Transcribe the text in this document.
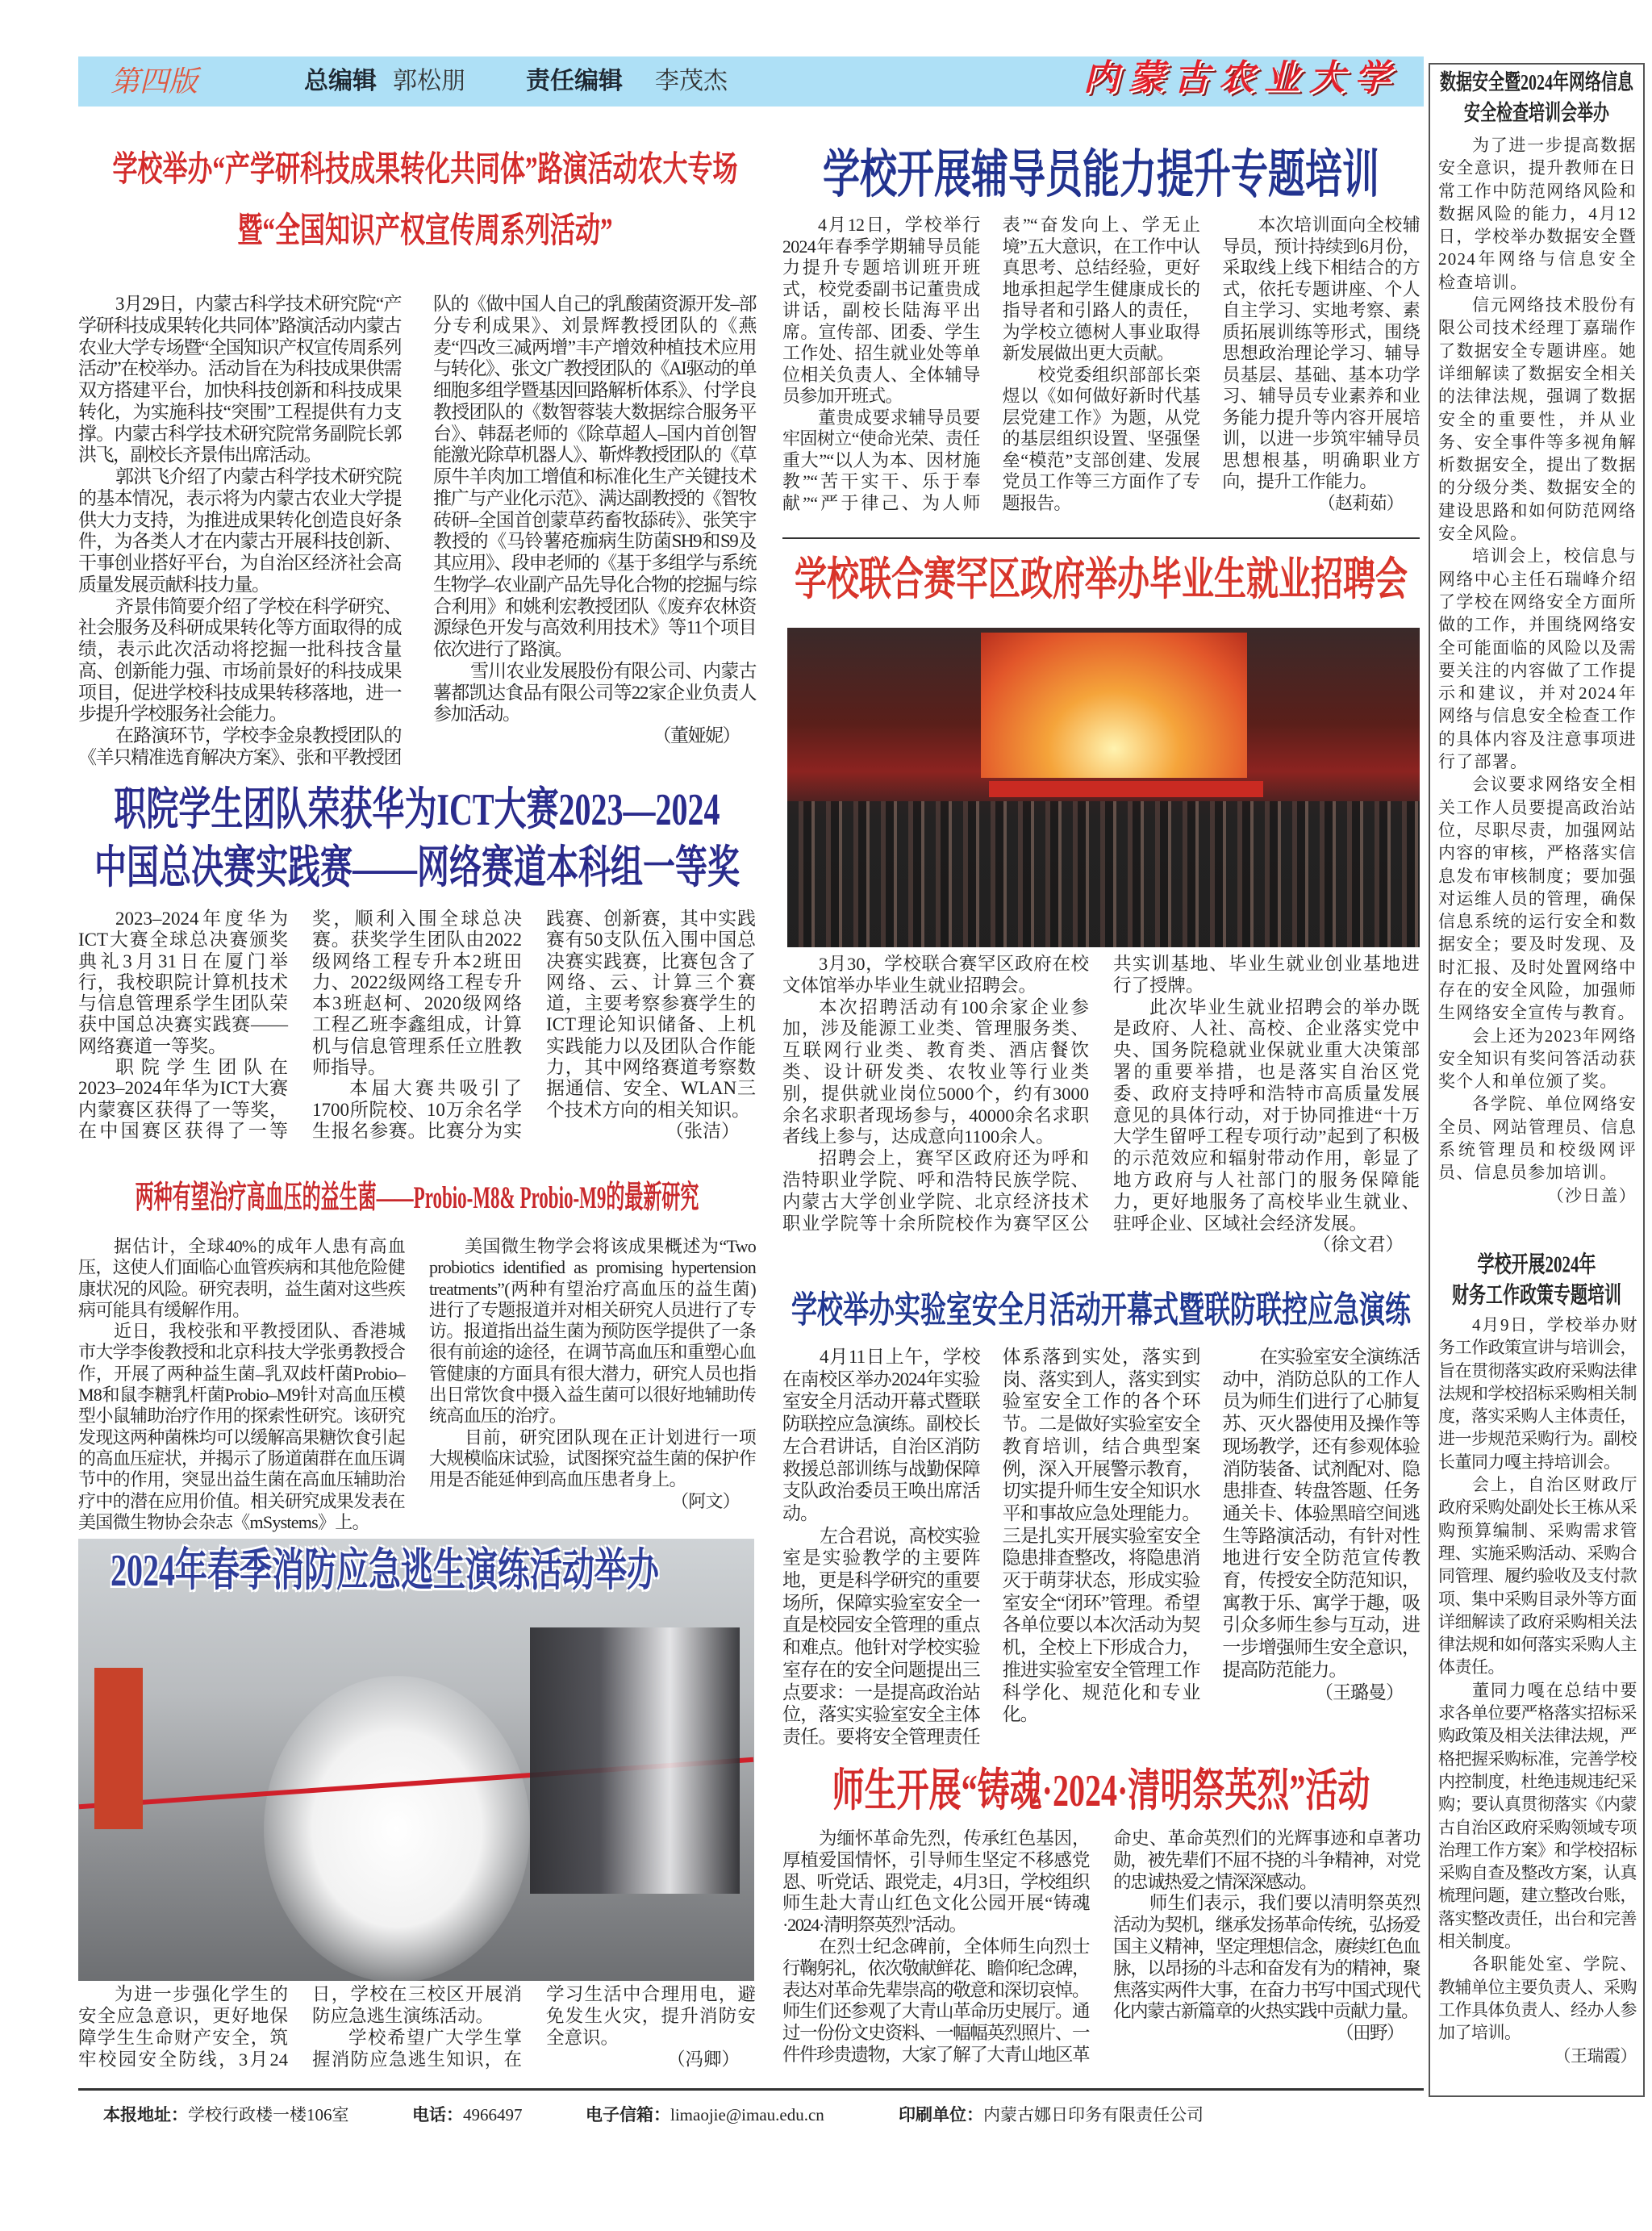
第四版	总编辑 郭松朋	责任编辑 李茂杰	内蒙古农业大学
学校举办“产学研科技成果转化共同体”路演活动农大专场
暨“全国知识产权宣传周系列活动”

3月29日，内蒙古科学技术研究院“产学研科技成果转化共同体”路演活动内蒙古农业大学专场暨“全国知识产权宣传周系列活动”在校举办。活动旨在为科技成果供需双方搭建平台，加快科技创新和科技成果转化，为实施科技“突围”工程提供有力支撑。内蒙古科学技术研究院常务副院长郭洪飞，副校长齐景伟出席活动。

郭洪飞介绍了内蒙古科学技术研究院的基本情况，表示将为内蒙古农业大学提供大力支持，为推进成果转化创造良好条件，为各类人才在内蒙古开展科技创新、干事创业搭好平台，为自治区经济社会高质量发展贡献科技力量。

齐景伟简要介绍了学校在科学研究、社会服务及科研成果转化等方面取得的成绩，表示此次活动将挖掘一批科技含量高、创新能力强、市场前景好的科技成果项目，促进学校科技成果转移落地，进一步提升学校服务社会能力。

在路演环节，学校李金泉教授团队的《羊只精准选育解决方案》、张和平教授团队的《做中国人自己的乳酸菌资源开发–部分专利成果》、刘景辉教授团队的《燕麦“四改三减两增”丰产增效种植技术应用与转化》、张文广教授团队的《AI驱动的单细胞多组学暨基因回路解析体系》、付学良教授团队的《数智蓉装大数据综合服务平台》、韩磊老师的《除草超人–国内首创智能激光除草机器人》、靳烨教授团队的《草原牛羊肉加工增值和标准化生产关键技术推广与产业化示范》、满达副教授的《智牧砖研–全国首创蒙草药畜牧舔砖》、张笑宇教授的《马铃薯疮痂病生防菌SH9和S9及其应用》、段申老师的《基于多组学与系统生物学–农业副产品先导化合物的挖掘与综合利用》和姚利宏教授团队《废弃农林资源绿色开发与高效利用技术》等11个项目依次进行了路演。

雪川农业发展股份有限公司、内蒙古薯都凯达食品有限公司等22家企业负责人参加活动。

（董娅妮）

学校开展辅导员能力提升专题培训

4月12日，学校举行2024年春季学期辅导员能力提升专题培训班开班式，校党委副书记董贵成讲话，副校长陆海平出席。宣传部、团委、学生工作处、招生就业处等单位相关负责人、全体辅导员参加开班式。

董贵成要求辅导员要牢固树立“使命光荣、责任重大”“以人为本、因材施教”“苦干实干、乐于奉献”“严于律己、为人师表”“奋发向上、学无止境”五大意识，在工作中认真思考、总结经验，更好地承担起学生健康成长的指导者和引路人的责任，为学校立德树人事业取得新发展做出更大贡献。

校党委组织部部长栾煜以《如何做好新时代基层党建工作》为题，从党的基层组织设置、坚强堡垒“模范”支部创建、发展党员工作等三方面作了专题报告。

本次培训面向全校辅导员，预计持续到6月份，采取线上线下相结合的方式，依托专题讲座、个人自主学习、实地考察、素质拓展训练等形式，围绕思想政治理论学习、辅导员基层、基础、基本功学习、辅导员专业素养和业务能力提升等内容开展培训，以进一步筑牢辅导员思想根基，明确职业方向，提升工作能力。

（赵莉茹）

学校联合赛罕区政府举办毕业生就业招聘会

3月30，学校联合赛罕区政府在校文体馆举办毕业生就业招聘会。

本次招聘活动有100余家企业参加，涉及能源工业类、管理服务类、互联网行业类、教育类、酒店餐饮类、设计研发类、农牧业等行业类别，提供就业岗位5000个，约有3000余名求职者现场参与，40000余名求职者线上参与，达成意向1100余人。

招聘会上，赛罕区政府还为呼和浩特职业学院、呼和浩特民族学院、内蒙古大学创业学院、北京经济技术职业学院等十余所院校作为赛罕区公共实训基地、毕业生就业创业基地进行了授牌。

此次毕业生就业招聘会的举办既是政府、人社、高校、企业落实党中央、国务院稳就业保就业重大决策部署的重要举措，也是落实自治区党委、政府支持呼和浩特市高质量发展意见的具体行动，对于协同推进“十万大学生留呼工程专项行动”起到了积极的示范效应和辐射带动作用，彰显了地方政府与人社部门的服务保障能力，更好地服务了高校毕业生就业、驻呼企业、区域社会经济发展。

（徐文君）

学校举办实验室安全月活动开幕式暨联防联控应急演练

4月11日上午，学校在南校区举办2024年实验室安全月活动开幕式暨联防联控应急演练。副校长左合君讲话，自治区消防救援总部训练与战勤保障支队政治委员王唤出席活动。

左合君说，高校实验室是实验教学的主要阵地，更是科学研究的重要场所，保障实验室安全一直是校园安全管理的重点和难点。他针对学校实验室存在的安全问题提出三点要求：一是提高政治站位，落实实验室安全主体责任。要将安全管理责任体系落到实处，落实到岗、落实到人，落实到实验室安全工作的各个环节。二是做好实验室安全教育培训，结合典型案例，深入开展警示教育，切实提升师生安全知识水平和事故应急处理能力。三是扎实开展实验室安全隐患排查整改，将隐患消灭于萌芽状态，形成实验室安全“闭环”管理。希望各单位要以本次活动为契机，全校上下形成合力，推进实验室安全管理工作科学化、规范化和专业化。

在实验室安全演练活动中，消防总队的工作人员为师生们进行了心肺复苏、灭火器使用及操作等现场教学，还有参观体验消防装备、试剂配对、隐患排查、转盘答题、任务通关卡、体验黑暗空间逃生等路演活动，有针对性地进行安全防范宣传教育，传授安全防范知识，寓教于乐、寓学于趣，吸引众多师生参与互动，进一步增强师生安全意识，提高防范能力。

（王璐曼）

师生开展“铸魂·2024·清明祭英烈”活动

为缅怀革命先烈，传承红色基因，厚植爱国情怀，引导师生坚定不移感党恩、听党话、跟党走，4月3日，学校组织师生赴大青山红色文化公园开展“铸魂·2024·清明祭英烈”活动。

在烈士纪念碑前，全体师生向烈士行鞠躬礼，依次敬献鲜花、瞻仰纪念碑，表达对革命先辈崇高的敬意和深切哀悼。师生们还参观了大青山革命历史展厅。通过一份份文史资料、一幅幅英烈照片、一件件珍贵遗物，大家了解了大青山地区革命史、革命英烈们的光辉事迹和卓著功勋，被先辈们不屈不挠的斗争精神，对党的忠诚热爱之情深深感动。

师生们表示，我们要以清明祭英烈活动为契机，继承发扬革命传统，弘扬爱国主义精神，坚定理想信念，赓续红色血脉，以昂扬的斗志和奋发有为的精神，聚焦落实两件大事，在奋力书写中国式现代化内蒙古新篇章的火热实践中贡献力量。

（田野）

职院学生团队荣获华为ICT大赛2023—2024
中国总决赛实践赛——网络赛道本科组一等奖

2023–2024年度华为ICT大赛全球总决赛颁奖典礼3月31日在厦门举行，我校职院计算机技术与信息管理系学生团队荣获中国总决赛实践赛——网络赛道一等奖。

职院学生团队在2023–2024年华为ICT大赛内蒙赛区获得了一等奖，在中国赛区获得了一等奖，顺利入围全球总决赛。获奖学生团队由2022级网络工程专升本2班田力、2022级网络工程专升本3班赵柯、2020级网络工程乙班李鑫组成，计算机与信息管理系任立胜教师指导。

本届大赛共吸引了1700所院校、10万余名学生报名参赛。比赛分为实践赛、创新赛，其中实践赛有50支队伍入围中国总决赛实践赛，比赛包含了网络、云、计算三个赛道，主要考察参赛学生的ICT理论知识储备、上机实践能力以及团队合作能力，其中网络赛道考察数据通信、安全、WLAN三个技术方向的相关知识。

（张洁）

两种有望治疗高血压的益生菌——Probio-M8& Probio-M9的最新研究

据估计，全球40%的成年人患有高血压，这使人们面临心血管疾病和其他危险健康状况的风险。研究表明，益生菌对这些疾病可能具有缓解作用。

近日，我校张和平教授团队、香港城市大学李俊教授和北京科技大学张勇教授合作，开展了两种益生菌–乳双歧杆菌Probio–M8和鼠李糖乳杆菌Probio–M9针对高血压模型小鼠辅助治疗作用的探索性研究。该研究发现这两种菌株均可以缓解高果糖饮食引起的高血压症状，并揭示了肠道菌群在血压调节中的作用，突显出益生菌在高血压辅助治疗中的潜在应用价值。相关研究成果发表在美国微生物协会杂志《mSystems》上。

美国微生物学会将该成果概述为“Two probiotics identified as promising hypertension treatments”(两种有望治疗高血压的益生菌) 进行了专题报道并对相关研究人员进行了专访。报道指出益生菌为预防医学提供了一条很有前途的途径，在调节高血压和重塑心血管健康的方面具有很大潜力，研究人员也指出日常饮食中摄入益生菌可以很好地辅助传统高血压的治疗。

目前，研究团队现在正计划进行一项大规模临床试验，试图探究益生菌的保护作用是否能延伸到高血压患者身上。

（阿文）

2024年春季消防应急逃生演练活动举办

为进一步强化学生的安全应急意识，更好地保障学生生命财产安全，筑牢校园安全防线，3月24日，学校在三校区开展消防应急逃生演练活动。

学校希望广大学生掌握消防应急逃生知识，在学习生活中合理用电，避免发生火灾，提升消防安全意识。

（冯卿）

数据安全暨2024年网络信息
安全检查培训会举办

为了进一步提高数据安全意识，提升教师在日常工作中防范网络风险和数据风险的能力，4月12日，学校举办数据安全暨2024年网络与信息安全检查培训。

信元网络技术股份有限公司技术经理丁嘉瑞作了数据安全专题讲座。她详细解读了数据安全相关的法律法规，强调了数据安全的重要性，并从业务、安全事件等多视角解析数据安全，提出了数据的分级分类、数据安全的建设思路和如何防范网络安全风险。

培训会上，校信息与网络中心主任石瑞峰介绍了学校在网络安全方面所做的工作，并围绕网络安全可能面临的风险以及需要关注的内容做了工作提示和建议，并对2024年网络与信息安全检查工作的具体内容及注意事项进行了部署。

会议要求网络安全相关工作人员要提高政治站位，尽职尽责，加强网站内容的审核，严格落实信息发布审核制度；要加强对运维人员的管理，确保信息系统的运行安全和数据安全；要及时发现、及时汇报、及时处置网络中存在的安全风险，加强师生网络安全宣传与教育。

会上还为2023年网络安全知识有奖问答活动获奖个人和单位颁了奖。

各学院、单位网络安全员、网站管理员、信息系统管理员和校级网评员、信息员参加培训。

（沙日盖）

学校开展2024年
财务工作政策专题培训

4月9日，学校举办财务工作政策宣讲与培训会，旨在贯彻落实政府采购法律法规和学校招标采购相关制度，落实采购人主体责任，进一步规范采购行为。副校长董同力嘎主持培训会。

会上，自治区财政厅政府采购处副处长王栋从采购预算编制、采购需求管理、实施采购活动、采购合同管理、履约验收及支付款项、集中采购目录外等方面详细解读了政府采购相关法律法规和如何落实采购人主体责任。

董同力嘎在总结中要求各单位要严格落实招标采购政策及相关法律法规，严格把握采购标准，完善学校内控制度，杜绝违规违纪采购；要认真贯彻落实《内蒙古自治区政府采购领域专项治理工作方案》和学校招标采购自查及整改方案，认真梳理问题，建立整改台账，落实整改责任，出台和完善相关制度。

各职能处室、学院、教辅单位主要负责人、采购工作具体负责人、经办人参加了培训。

（王瑞霞）

本报地址：学校行政楼一楼106室	电话：4966497	电子信箱：limaojie@imau.edu.cn	印刷单位：内蒙古娜日印务有限责任公司
